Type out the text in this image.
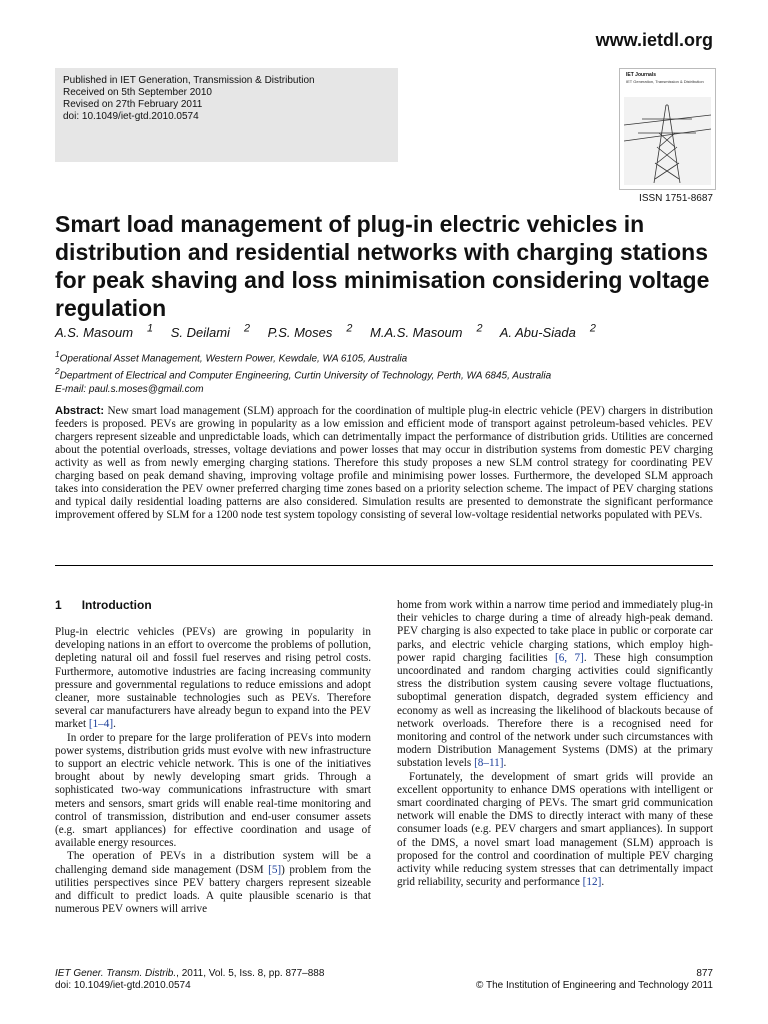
www.ietdl.org
Published in IET Generation, Transmission & Distribution
Received on 5th September 2010
Revised on 27th February 2011
doi: 10.1049/iet-gtd.2010.0574
IET Journals
IET Generation, Transmission & Distribution
ISSN 1751-8687
Smart load management of plug-in electric vehicles in distribution and residential networks with charging stations for peak shaving and loss minimisation considering voltage regulation
A.S. Masoum $^1$ S. Deilami $^2$ P.S. Moses $^2$ M.A.S. Masoum $^2$ A. Abu-Siada $^2$
$^1$Operational Asset Management, Western Power, Kewdale, WA 6105, Australia
$^2$Department of Electrical and Computer Engineering, Curtin University of Technology, Perth, WA 6845, Australia
E-mail: paul.s.moses@gmail.com

Abstract: New smart load management (SLM) approach for the coordination of multiple plug-in electric vehicle (PEV) chargers in distribution feeders is proposed. PEVs are growing in popularity as a low emission and efficient mode of transport against petroleum-based vehicles. PEV chargers represent sizeable and unpredictable loads, which can detrimentally impact the performance of distribution grids. Utilities are concerned about the potential overloads, stresses, voltage deviations and power losses that may occur in distribution systems from domestic PEV charging activity as well as from newly emerging charging stations. Therefore this study proposes a new SLM control strategy for coordinating PEV charging based on peak demand shaving, improving voltage profile and minimising power losses. Furthermore, the developed SLM approach takes into consideration the PEV owner preferred charging time zones based on a priority selection scheme. The impact of PEV charging stations and typical daily residential loading patterns are also considered. Simulation results are presented to demonstrate the significant performance improvement offered by SLM for a 1200 node test system topology consisting of several low-voltage residential networks populated with PEVs.

1 Introduction

Plug-in electric vehicles (PEVs) are growing in popularity in developing nations in an effort to overcome the problems of pollution, depleting natural oil and fossil fuel reserves and rising petrol costs. Furthermore, automotive industries are facing increasing community pressure and governmental regulations to reduce emissions and adopt cleaner, more sustainable technologies such as PEVs. Therefore several car manufacturers have already begun to expand into the PEV market [1–4].

In order to prepare for the large proliferation of PEVs into modern power systems, distribution grids must evolve with new infrastructure to support an electric vehicle network. This is one of the initiatives brought about by newly developing smart grids. Through a sophisticated two-way communications infrastructure with smart meters and sensors, smart grids will enable real-time monitoring and control of transmission, distribution and end-user consumer assets (e.g. smart appliances) for effective coordination and usage of available energy resources.

The operation of PEVs in a distribution system will be a challenging demand side management (DSM [5]) problem from the utilities perspectives since PEV battery chargers represent sizeable and difficult to predict loads. A quite plausible scenario is that numerous PEV owners will arrive

home from work within a narrow time period and immediately plug-in their vehicles to charge during a time of already high-peak demand. PEV charging is also expected to take place in public or corporate car parks, and electric vehicle charging stations, which employ high-power rapid charging facilities [6, 7]. These high consumption uncoordinated and random charging activities could significantly stress the distribution system causing severe voltage fluctuations, suboptimal generation dispatch, degraded system efficiency and economy as well as increasing the likelihood of blackouts because of network overloads. Therefore there is a recognised need for monitoring and control of the network under such circumstances with modern Distribution Management Systems (DMS) at the primary substation levels [8–11].

Fortunately, the development of smart grids will provide an excellent opportunity to enhance DMS operations with intelligent or smart coordinated charging of PEVs. The smart grid communication network will enable the DMS to directly interact with many of these consumer loads (e.g. PEV chargers and smart appliances). In support of the DMS, a novel smart load management (SLM) approach is proposed for the control and coordination of multiple PEV charging activity while reducing system stresses that can detrimentally impact grid reliability, security and performance [12].

IET Gener. Transm. Distrib., 2011, Vol. 5, Iss. 8, pp. 877–888
doi: 10.1049/iet-gtd.2010.0574
877
© The Institution of Engineering and Technology 2011
